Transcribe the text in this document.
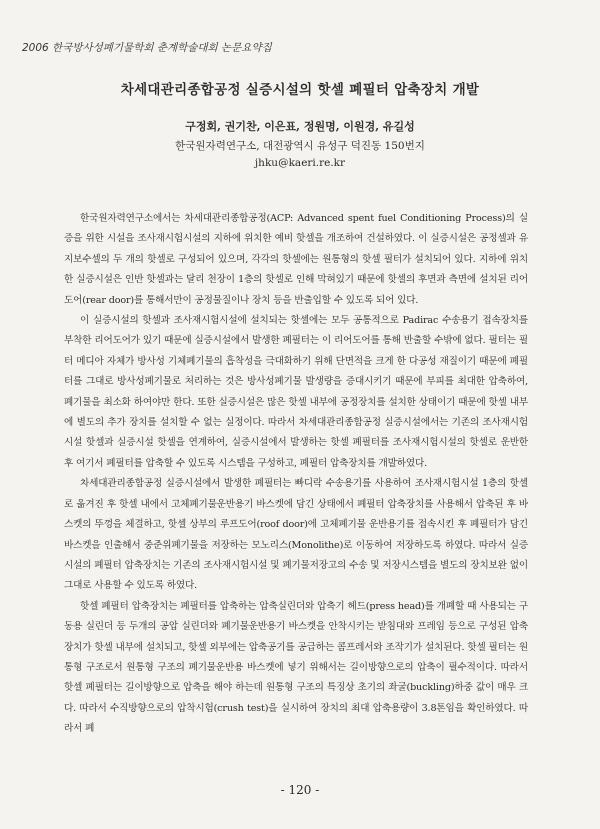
2006 한국방사성폐기물학회 춘계학술대회 논문요약집
차세대관리종합공정 실증시설의 핫셀 폐필터 압축장치 개발
구정회, 권기찬, 이은표, 정원명, 이원경, 유길성
한국원자력연구소, 대전광역시 유성구 덕진동 150번지
jhku@kaeri.re.kr

한국원자력연구소에서는 차세대관리종합공정(ACP: Advanced spent fuel Conditioning Process)의 실증을 위한 시설을 조사재시험시설의 지하에 위치한 예비 핫셀을 개조하여 건설하였다. 이 실증시설은 공정셀과 유지보수셀의 두 개의 핫셀로 구성되어 있으며, 각각의 핫셀에는 원통형의 핫셀 필터가 설치되어 있다. 지하에 위치한 실증시설은 인반 핫셀과는 달리 천장이 1층의 핫셀로 인해 막혀있기 때문에 핫셀의 후면과 측면에 설치된 리어도어(rear door)를 통해서만이 공정물질이나 장치 등을 반출입할 수 있도록 되어 있다.

이 실증시설의 핫셀과 조사재시험시설에 설치되는 핫셀에는 모두 공통적으로 Padirac 수송용기 접속장치를 부착한 리어도어가 있기 때문에 실증시설에서 발생한 폐필터는 이 리어도어를 통해 반출할 수밖에 없다. 필터는 필터 메디아 자체가 방사성 기체폐기물의 흡착성을 극대화하기 위해 단면적을 크게 한 다공성 재질이기 때문에 폐필터를 그대로 방사성폐기물로 처리하는 것은 방사성폐기물 발생량을 증대시키기 때문에 부피를 최대한 압축하여, 폐기물을 최소화 하여야만 한다. 또한 실증시설은 많은 핫셀 내부에 공정장치를 설치한 상태이기 때문에 핫셀 내부에 별도의 추가 장치를 설치할 수 없는 실정이다. 따라서 차세대관리종합공정 실증시설에서는 기존의 조사재시험시설 핫셀과 실증시설 핫셀을 연계하여, 실증시설에서 발생하는 핫셀 폐필터를 조사재시험시설의 핫셀로 운반한 후 여기서 폐필터를 압축할 수 있도록 시스템을 구성하고, 폐필터 압축장치를 개발하였다.

차세대관리종합공정 실증시설에서 발생한 폐필터는 빠디락 수송용기를 사용하여 조사재시험시설 1층의 핫셀로 옮겨진 후 핫셀 내에서 고체폐기물운반용기 바스켓에 담긴 상태에서 폐필터 압축장치를 사용해서 압축된 후 바스켓의 뚜껑을 체결하고, 핫셀 상부의 루프도어(roof door)에 고체폐기물 운반용기를 접속시킨 후 폐필터가 담긴 바스켓을 인출해서 중준위폐기물을 저장하는 모노리스(Monolithe)로 이동하여 저장하도록 하였다. 따라서 실증시설의 폐필터 압축장치는 기존의 조사재시험시설 및 폐기물저장고의 수송 및 저장시스템을 별도의 장치보완 없이 그대로 사용할 수 있도록 하였다.

핫셀 폐필터 압축장치는 폐필터를 압축하는 압축실린더와 압축기 헤드(press head)를 개폐할 때 사용되는 구동용 실린더 등 두개의 공압 실린더와 폐기물운반용기 바스켓을 안착시키는 받침대와 프레임 등으로 구성된 압축장치가 핫셀 내부에 설치되고, 핫셀 외부에는 압축공기를 공급하는 콤프레서와 조작기가 설치된다. 핫셀 필터는 원통형 구조로서 원통형 구조의 폐기물운반용 바스켓에 넣기 위해서는 길이방향으로의 압축이 필수적이다. 따라서 핫셀 폐필터는 길이방향으로 압축을 해야 하는데 원통형 구조의 특징상 초기의 좌굴(buckling)하중 값이 매우 크다. 따라서 수직방향으로의 압착시험(crush test)을 실시하여 장치의 최대 압축용량이 3.8톤임을 확인하였다. 따라서 폐

- 120 -
